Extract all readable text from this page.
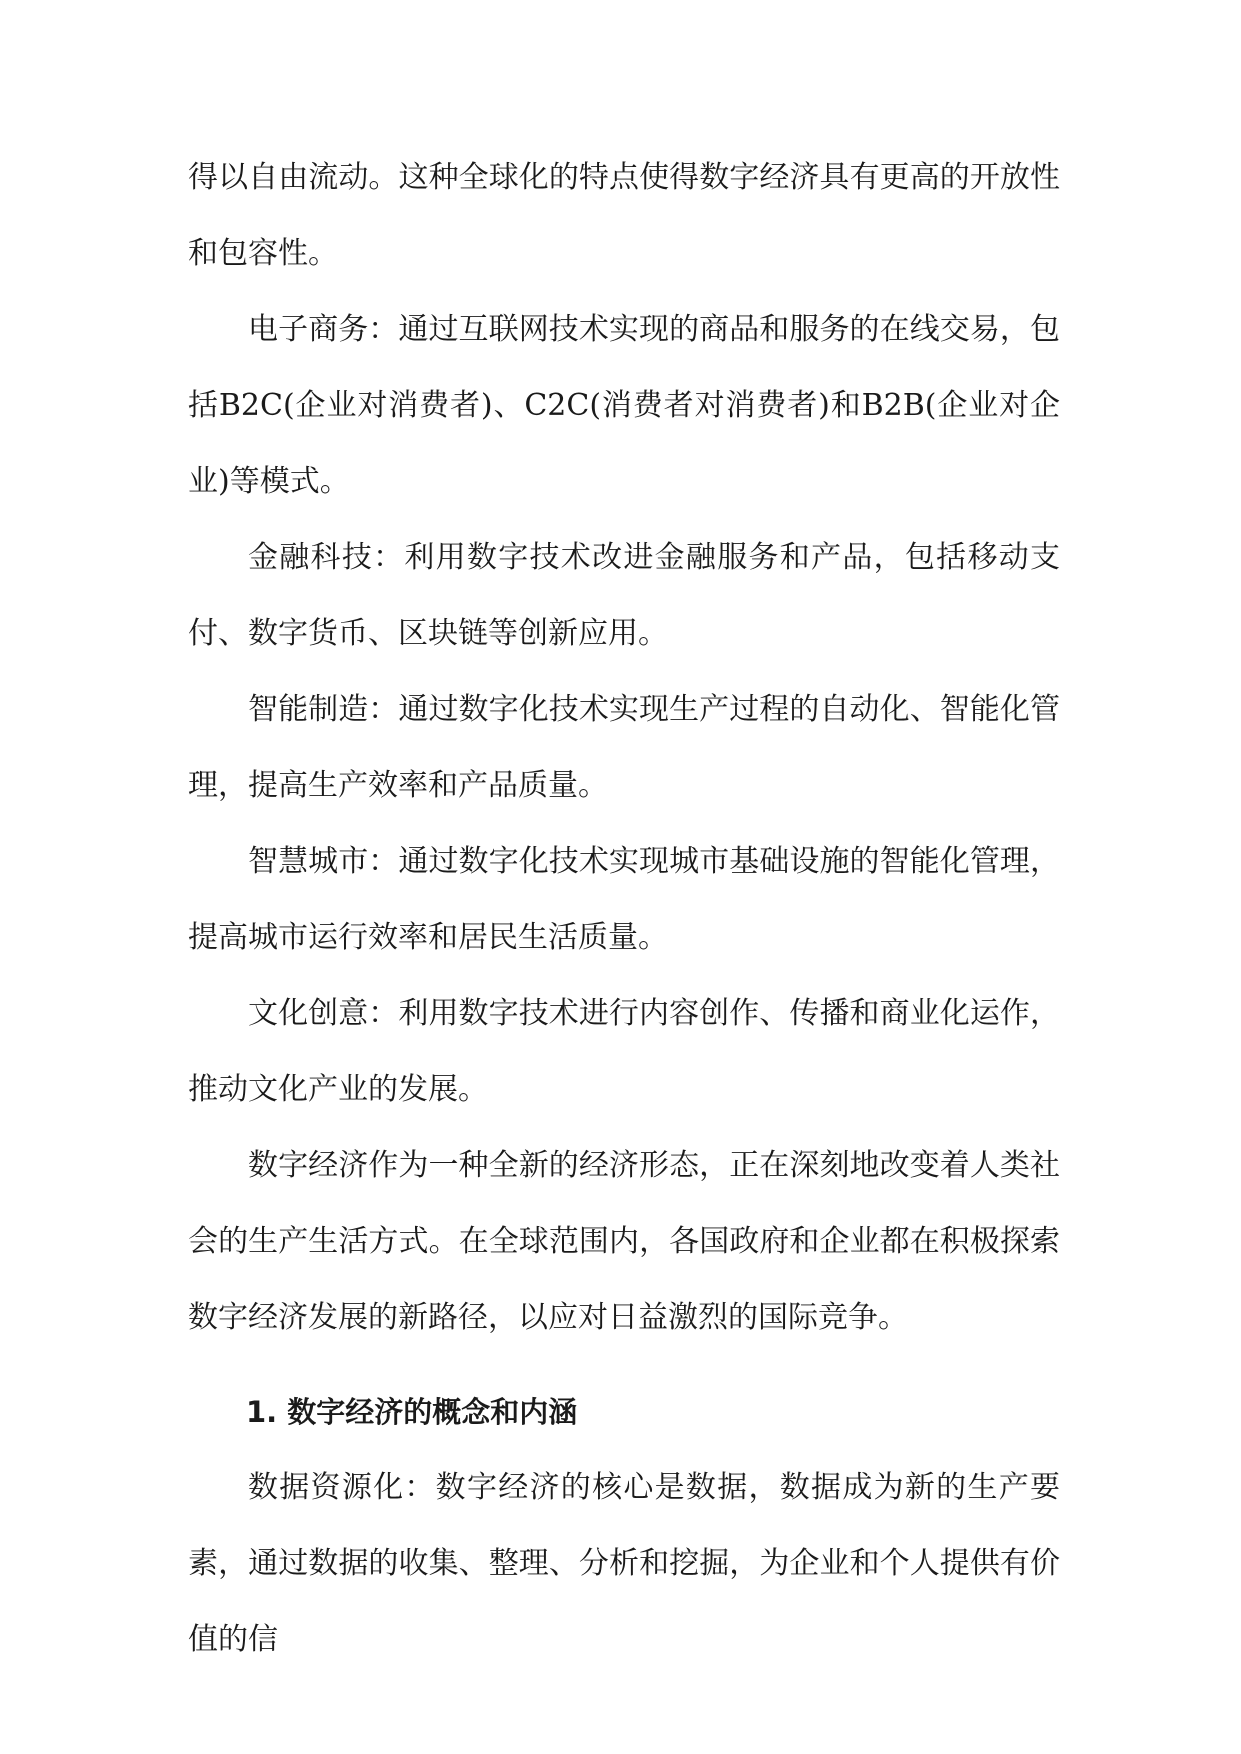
得以自由流动。这种全球化的特点使得数字经济具有更高的开放性和包容性。

电子商务：通过互联网技术实现的商品和服务的在线交易，包括B2C(企业对消费者)、C2C(消费者对消费者)和B2B(企业对企业)等模式。

金融科技：利用数字技术改进金融服务和产品，包括移动支付、数字货币、区块链等创新应用。

智能制造：通过数字化技术实现生产过程的自动化、智能化管理，提高生产效率和产品质量。

智慧城市：通过数字化技术实现城市基础设施的智能化管理，提高城市运行效率和居民生活质量。

文化创意：利用数字技术进行内容创作、传播和商业化运作，推动文化产业的发展。

数字经济作为一种全新的经济形态，正在深刻地改变着人类社会的生产生活方式。在全球范围内，各国政府和企业都在积极探索数字经济发展的新路径，以应对日益激烈的国际竞争。

1. 数字经济的概念和内涵

数据资源化：数字经济的核心是数据，数据成为新的生产要素，通过数据的收集、整理、分析和挖掘，为企业和个人提供有价值的信
